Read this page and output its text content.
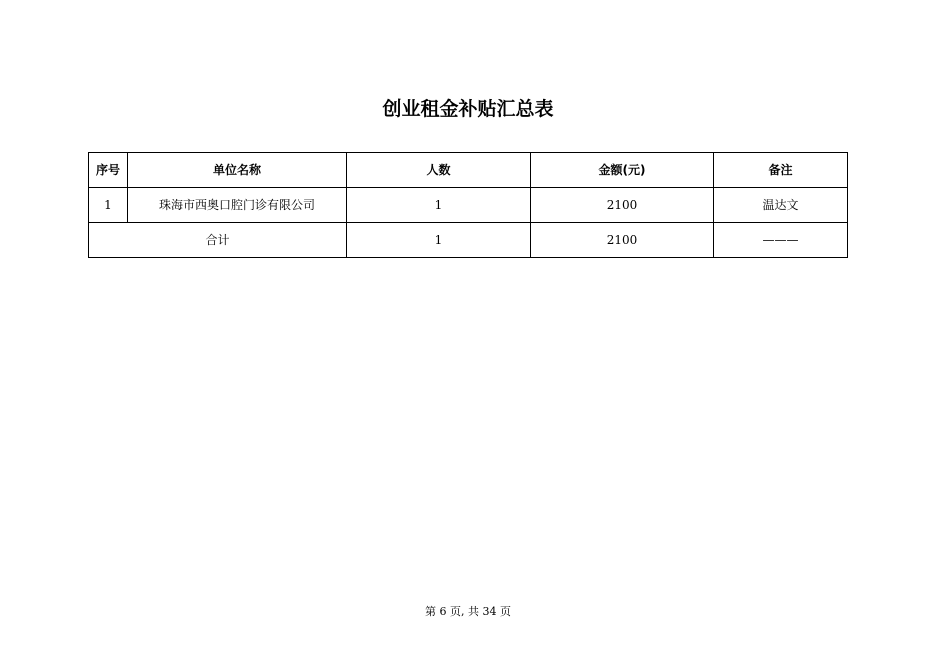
创业租金补贴汇总表
序号	单位名称	人数	金额(元)	备注
1	珠海市西奥口腔门诊有限公司	1	2100	温达文
合计		1	2100	———
第 6 页, 共 34 页
